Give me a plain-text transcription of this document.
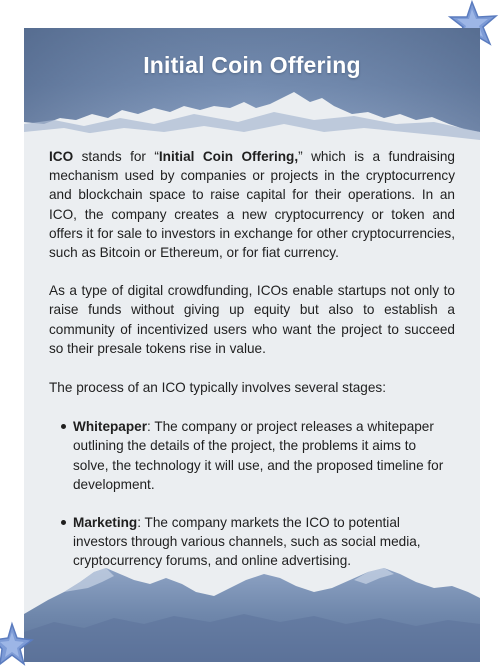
Initial Coin Offering

ICO stands for “Initial Coin Offering,” which is a fundraising mechanism used by companies or projects in the cryptocurrency and blockchain space to raise capital for their operations. In an ICO, the company creates a new cryptocurrency or token and offers it for sale to investors in exchange for other cryptocurrencies, such as Bitcoin or Ethereum, or for fiat currency.

As a type of digital crowdfunding, ICOs enable startups not only to raise funds without giving up equity but also to establish a community of incentivized users who want the project to succeed so their presale tokens rise in value.

The process of an ICO typically involves several stages:

Whitepaper: The company or project releases a whitepaper outlining the details of the project, the problems it aims to solve, the technology it will use, and the proposed timeline for development.
Marketing: The company markets the ICO to potential investors through various channels, such as social media, cryptocurrency forums, and online advertising.
